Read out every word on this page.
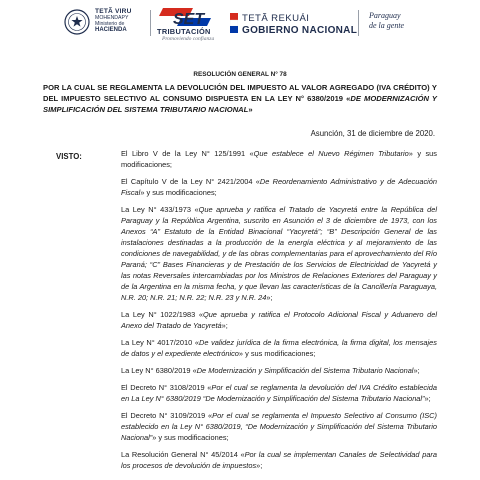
TETÃ VIRU
MOHENDAPY
Ministerio de
HACIENDA
SET
TRIBUTACIÓN
Promoviendo confianza
TETÃ REKUÁI
GOBIERNO NACIONAL
Paraguay
de la gente
RESOLUCIÓN GENERAL N° 78
POR LA CUAL SE REGLAMENTA LA DEVOLUCIÓN DEL IMPUESTO AL VALOR AGREGADO (IVA CRÉDITO) Y DEL IMPUESTO SELECTIVO AL CONSUMO DISPUESTA EN LA LEY N° 6380/2019 «DE MODERNIZACIÓN Y SIMPLIFICACIÓN DEL SISTEMA TRIBUTARIO NACIONAL»
Asunción, 31 de diciembre de 2020.
VISTO:	El Libro V de la Ley N° 125/1991 «Que establece el Nuevo Régimen Tributario» y sus modificaciones;

El Capítulo V de la Ley N° 2421/2004 «De Reordenamiento Administrativo y de Adecuación Fiscal» y sus modificaciones;

La Ley N° 433/1973 «Que aprueba y ratifica el Tratado de Yacyretá entre la República del Paraguay y la República Argentina, suscrito en Asunción el 3 de diciembre de 1973, con los Anexos “A” Estatuto de la Entidad Binacional “Yacyretá”; “B” Descripción General de las instalaciones destinadas a la producción de la energía eléctrica y al mejoramiento de las condiciones de navegabilidad, y de las obras complementarias para el aprovechamiento del Río Paraná; “C” Bases Financieras y de Prestación de los Servicios de Electricidad de Yacyretá y las notas Reversales intercambiadas por los Ministros de Relaciones Exteriores del Paraguay y de la Argentina en la misma fecha, y que llevan las características de la Cancillería Paraguaya, N.R. 20; N.R. 21; N.R. 22; N.R. 23 y N.R. 24»;

La Ley N° 1022/1983 «Que aprueba y ratifica el Protocolo Adicional Fiscal y Aduanero del Anexo del Tratado de Yacyretá»;

La Ley N° 4017/2010 «De validez jurídica de la firma electrónica, la firma digital, los mensajes de datos y el expediente electrónico» y sus modificaciones;

La Ley N° 6380/2019 «De Modernización y Simplificación del Sistema Tributario Nacional»;

El Decreto N° 3108/2019 «Por el cual se reglamenta la devolución del IVA Crédito establecida en La Ley N° 6380/2019 “De Modernización y Simplificación del Sistema Tributario Nacional”»;

El Decreto N° 3109/2019 «Por el cual se reglamenta el Impuesto Selectivo al Consumo (ISC) establecido en la Ley N° 6380/2019, “De Modernización y Simplificación del Sistema Tributario Nacional”» y sus modificaciones;

La Resolución General N° 45/2014 «Por la cual se implementan Canales de Selectividad para los procesos de devolución de impuestos»;
